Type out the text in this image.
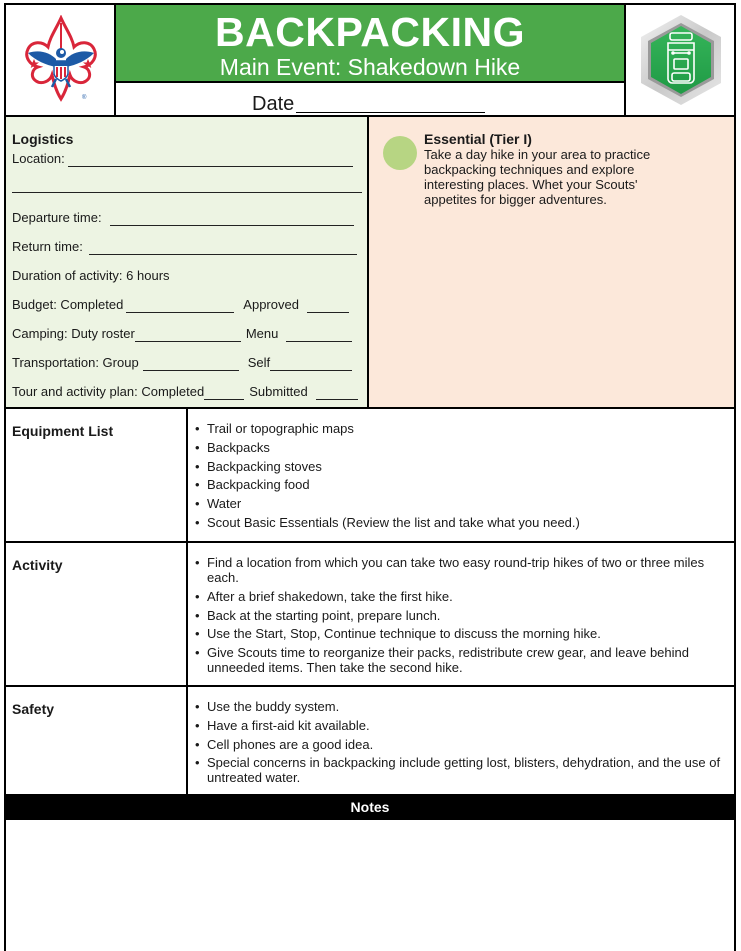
®
BACKPACKING
Main Event: Shakedown Hike
Date
Logistics
Location:
Departure time:
Return time:
Duration of activity: 6 hours
Budget: Completed	Approved
Camping: Duty roster	Menu
Transportation: Group	Self
Tour and activity plan: Completed	Submitted
Essential (Tier I)

Take a day hike in your area to practice backpacking techniques and explore interesting places. Whet your Scouts' appetites for bigger adventures.

Equipment List	• Trail or topographic maps
• Backpacks
• Backpacking stoves
• Backpacking food
• Water
• Scout Basic Essentials (Review the list and take what you need.)
Activity	• Find a location from which you can take two easy round-trip hikes of two or three miles each.
• After a brief shakedown, take the first hike.
• Back at the starting point, prepare lunch.
• Use the Start, Stop, Continue technique to discuss the morning hike.
• Give Scouts time to reorganize their packs, redistribute crew gear, and leave behind unneeded items. Then take the second hike.
Safety	• Use the buddy system.
• Have a first-aid kit available.
• Cell phones are a good idea.
• Special concerns in backpacking include getting lost, blisters, dehydration, and the use of untreated water.
Notes
